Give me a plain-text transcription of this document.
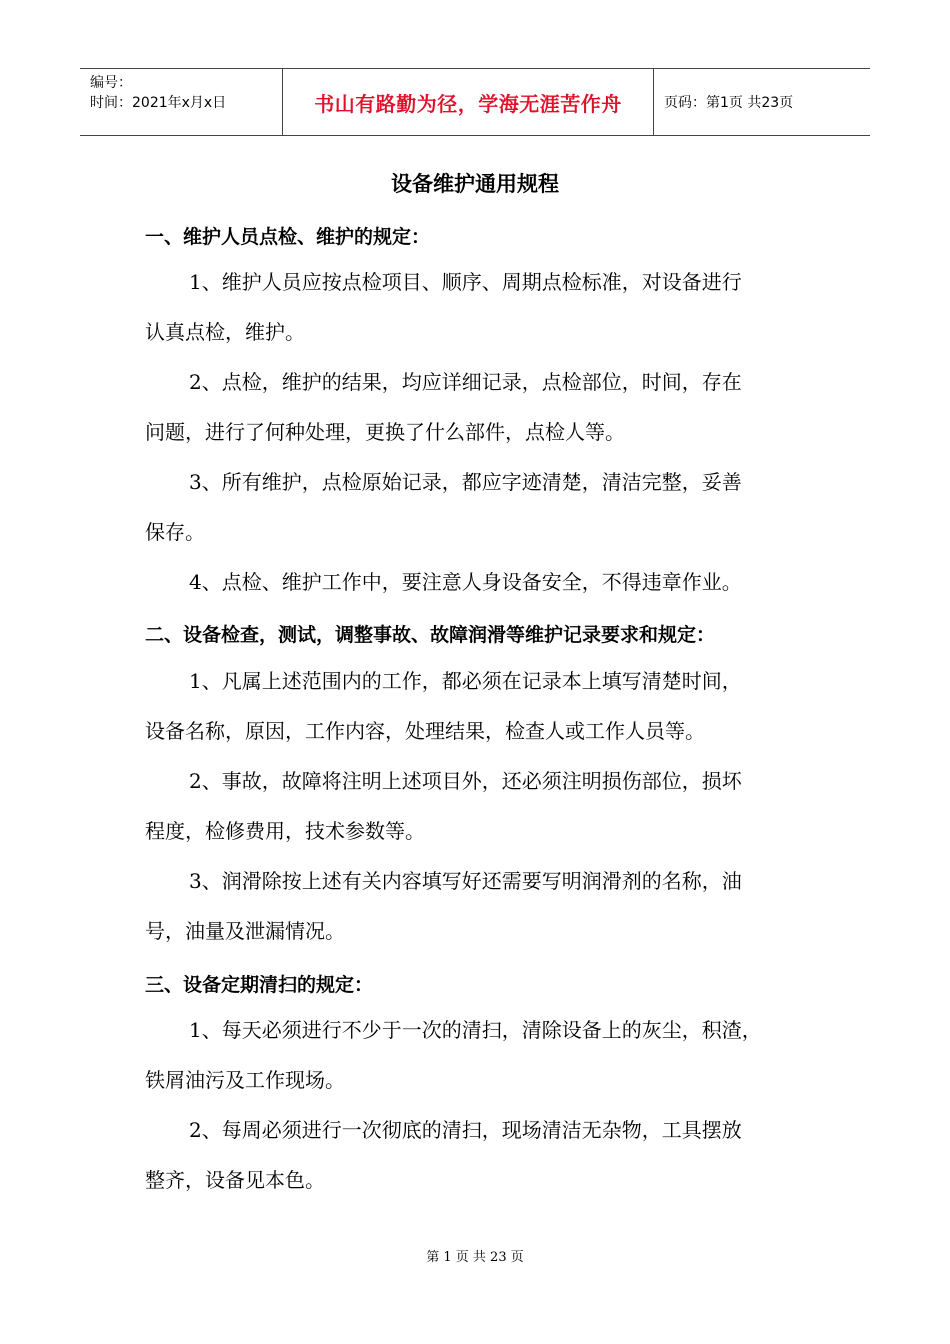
编号：
时间：2021年x月x日	书山有路勤为径，学海无涯苦作舟	页码：第1页 共23页
设备维护通用规程
一、维护人员点检、维护的规定：
1、维护人员应按点检项目、顺序、周期点检标准，对设备进行
认真点检，维护。
2、点检，维护的结果，均应详细记录，点检部位，时间，存在
问题，进行了何种处理，更换了什么部件，点检人等。
3、所有维护，点检原始记录，都应字迹清楚，清洁完整，妥善
保存。
4、点检、维护工作中，要注意人身设备安全，不得违章作业。
二、设备检查，测试，调整事故、故障润滑等维护记录要求和规定：
1、凡属上述范围内的工作，都必须在记录本上填写清楚时间，
设备名称，原因，工作内容，处理结果，检查人或工作人员等。
2、事故，故障将注明上述项目外，还必须注明损伤部位，损坏
程度，检修费用，技术参数等。
3、润滑除按上述有关内容填写好还需要写明润滑剂的名称，油
号，油量及泄漏情况。
三、设备定期清扫的规定：
1、每天必须进行不少于一次的清扫，清除设备上的灰尘，积渣，
铁屑油污及工作现场。
2、每周必须进行一次彻底的清扫，现场清洁无杂物，工具摆放
整齐，设备见本色。
第 1 页 共 23 页
